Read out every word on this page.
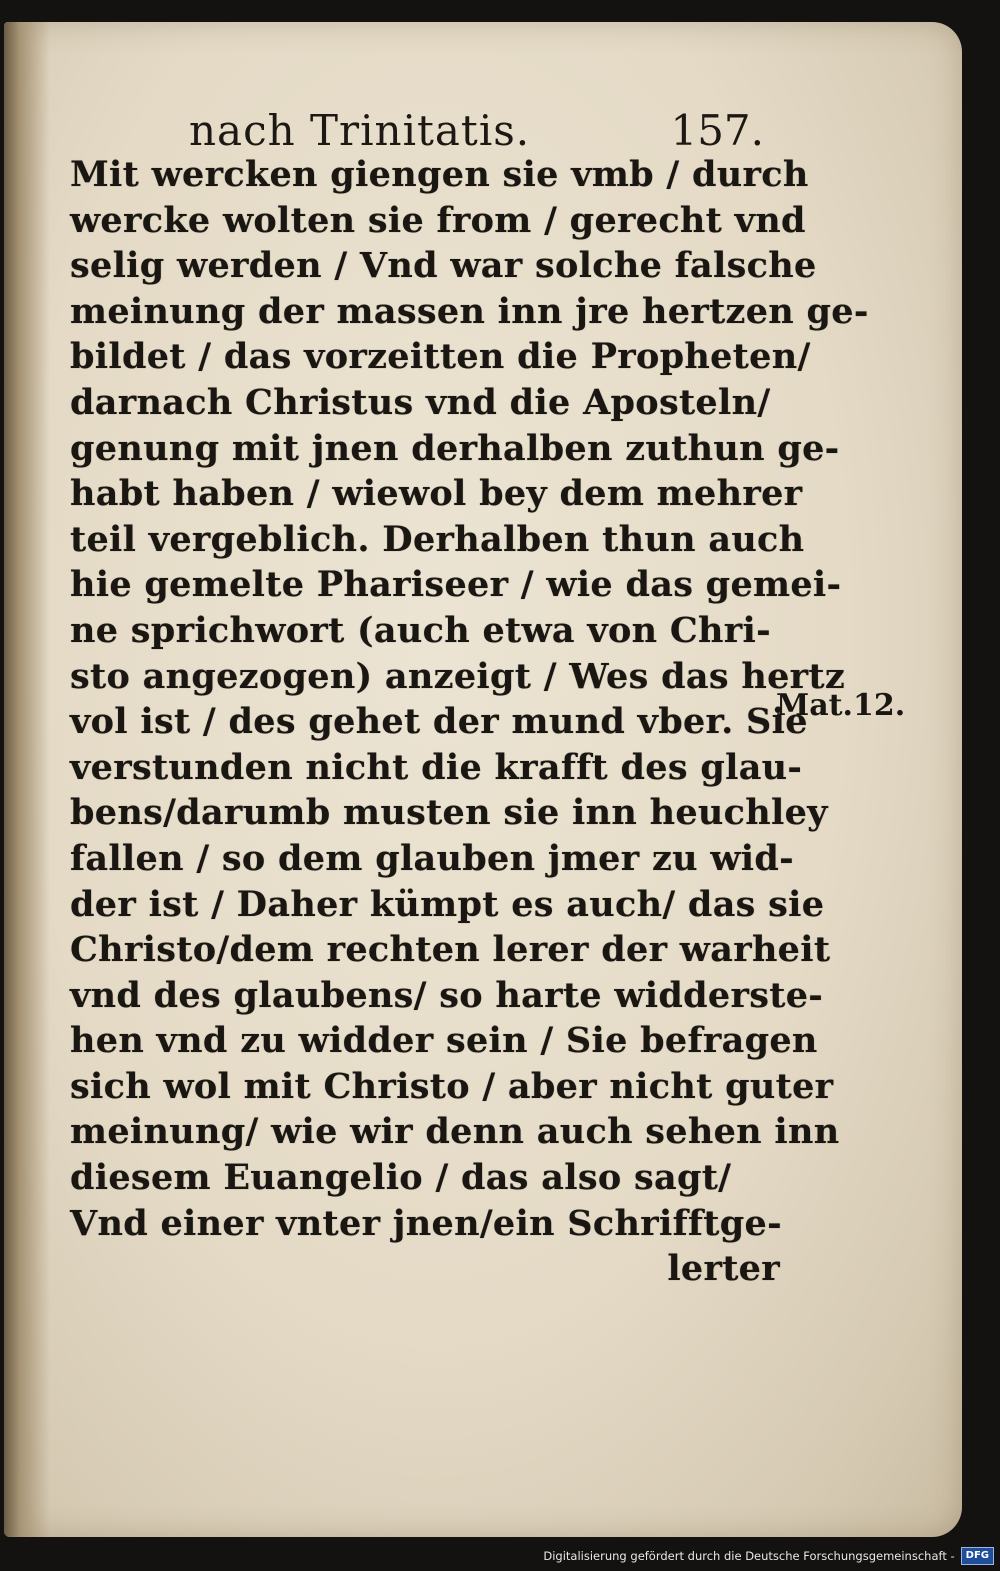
nach Trinitatis.	157.
Mit wercken giengen sie vmb / durch
wercke wolten sie from / gerecht vnd
selig werden / Vnd war solche falsche
meinung der massen inn jre hertzen ge-
bildet / das vorzeitten die Propheten/
darnach Christus vnd die Aposteln/
genung mit jnen derhalben zuthun ge-
habt haben / wiewol bey dem mehrer
teil vergeblich. Derhalben thun auch
hie gemelte Phariseer / wie das gemei-
ne sprichwort (auch etwa von Chri-
sto angezogen) anzeigt / Wes das hertz
vol ist / des gehet der mund vber. Sie
verstunden nicht die krafft des glau-
bens/darumb musten sie inn heuchley
fallen / so dem glauben jmer zu wid-
der ist / Daher kümpt es auch/ das sie
Christo/dem rechten lerer der warheit
vnd des glaubens/ so harte widderste-
hen vnd zu widder sein / Sie befragen
sich wol mit Christo / aber nicht guter
meinung/ wie wir denn auch sehen inn
diesem Euangelio / das also sagt/
Vnd einer vnter jnen/ein Schrifftge-
lerter
Mat.12.
Digitalisierung gefördert durch die Deutsche Forschungsgemeinschaft -	DFG
